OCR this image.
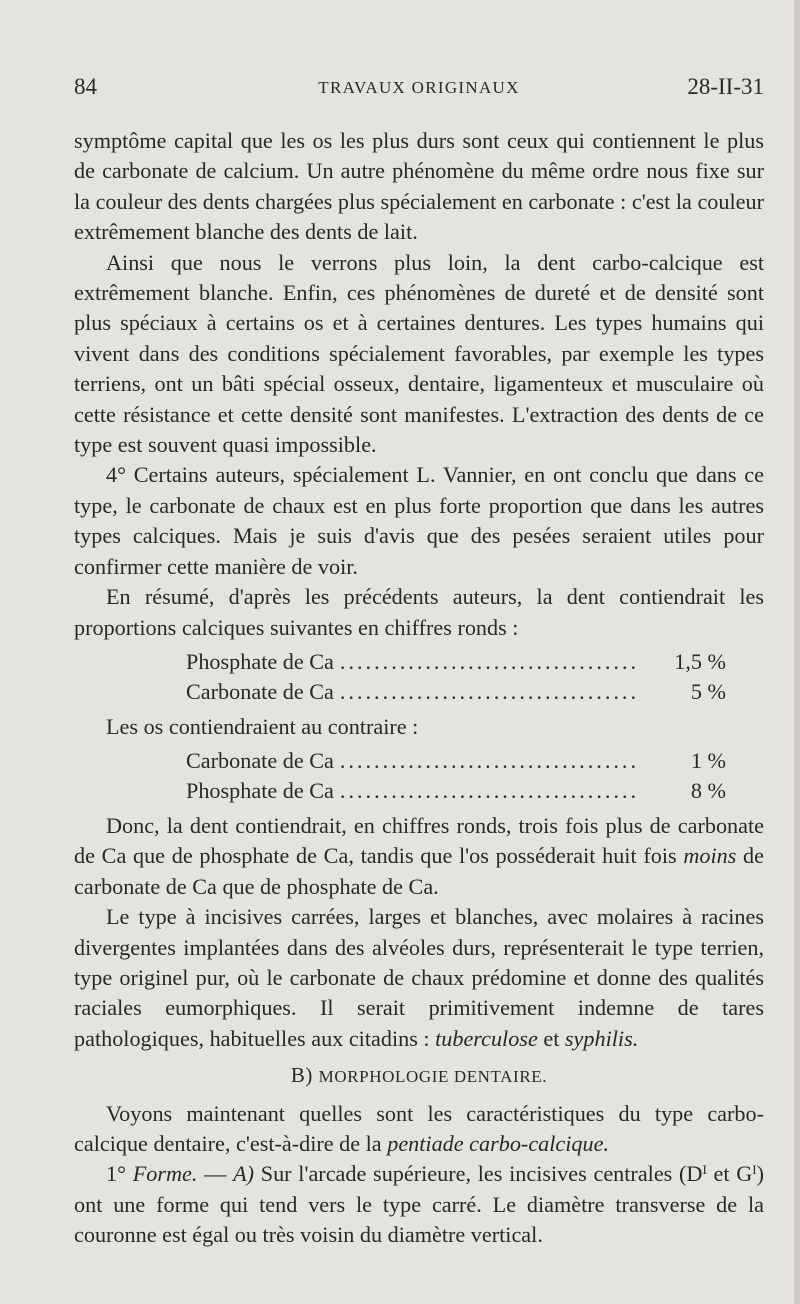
84	TRAVAUX ORIGINAUX	28-II-31

symptôme capital que les os les plus durs sont ceux qui contiennent le plus de carbonate de calcium. Un autre phénomène du même ordre nous fixe sur la couleur des dents chargées plus spécialement en carbonate : c'est la couleur extrêmement blanche des dents de lait.

Ainsi que nous le verrons plus loin, la dent carbo-calcique est extrêmement blanche. Enfin, ces phénomènes de dureté et de densité sont plus spéciaux à certains os et à certaines dentures. Les types humains qui vivent dans des conditions spécialement favorables, par exemple les types terriens, ont un bâti spécial osseux, dentaire, ligamenteux et musculaire où cette résistance et cette densité sont manifestes. L'extraction des dents de ce type est souvent quasi impossible.

4° Certains auteurs, spécialement L. Vannier, en ont conclu que dans ce type, le carbonate de chaux est en plus forte proportion que dans les autres types calciques. Mais je suis d'avis que des pesées seraient utiles pour confirmer cette manière de voir.

En résumé, d'après les précédents auteurs, la dent contiendrait les proportions calciques suivantes en chiffres ronds :

Phosphate de Ca ...................................	1,5 %
Carbonate de Ca ...................................	5 %

Les os contiendraient au contraire :

Carbonate de Ca ...................................	1 %
Phosphate de Ca ...................................	8 %

Donc, la dent contiendrait, en chiffres ronds, trois fois plus de carbonate de Ca que de phosphate de Ca, tandis que l'os posséderait huit fois moins de carbonate de Ca que de phosphate de Ca.

Le type à incisives carrées, larges et blanches, avec molaires à racines divergentes implantées dans des alvéoles durs, représenterait le type terrien, type originel pur, où le carbonate de chaux prédomine et donne des qualités raciales eumorphiques. Il serait primitivement indemne de tares pathologiques, habituelles aux citadins : tuberculose et syphilis.

B) MORPHOLOGIE DENTAIRE.

Voyons maintenant quelles sont les caractéristiques du type carbo-calcique dentaire, c'est-à-dire de la pentiade carbo-calcique.

1° Forme. — A) Sur l'arcade supérieure, les incisives centrales ($D^I$ et $G^I$) ont une forme qui tend vers le type carré. Le diamètre transverse de la couronne est égal ou très voisin du diamètre vertical.
